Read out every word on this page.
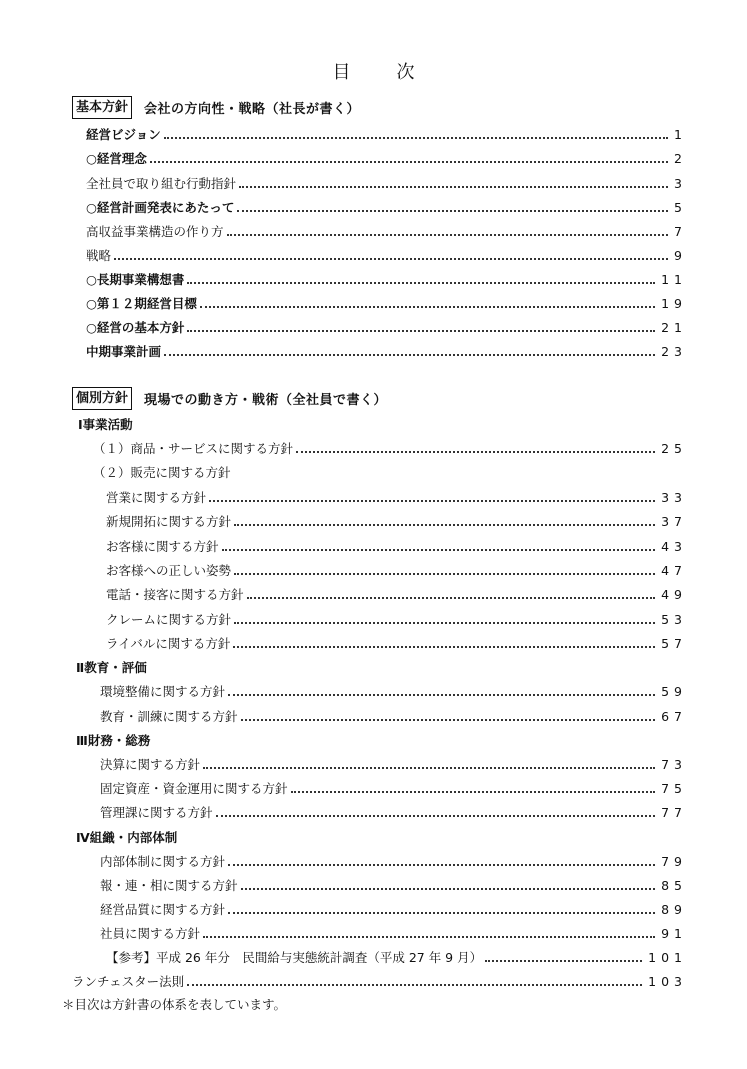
目　次
基本方針	会社の方向性・戦略（社長が書く）
経営ビジョン	1
○経営理念	2
全社員で取り組む行動指針	3
○経営計画発表にあたって	5
高収益事業構造の作り方	7
戦略	9
○長期事業構想書	11
○第１２期経営目標	19
○経営の基本方針	21
中期事業計画	23
個別方針	現場での動き方・戦術（全社員で書く）
Ⅰ事業活動
（１）商品・サービスに関する方針	25
（２）販売に関する方針
営業に関する方針	33
新規開拓に関する方針	37
お客様に関する方針	43
お客様への正しい姿勢	47
電話・接客に関する方針	49
クレームに関する方針	53
ライバルに関する方針	57
Ⅱ教育・評価
環境整備に関する方針	59
教育・訓練に関する方針	67
Ⅲ財務・総務
決算に関する方針	73
固定資産・資金運用に関する方針	75
管理課に関する方針	77
Ⅳ組織・内部体制
内部体制に関する方針	79
報・連・相に関する方針	85
経営品質に関する方針	89
社員に関する方針	91
【参考】平成 26 年分　民間給与実態統計調査（平成 27 年 9 月）	101
ランチェスター法則	103
＊目次は方針書の体系を表しています。
